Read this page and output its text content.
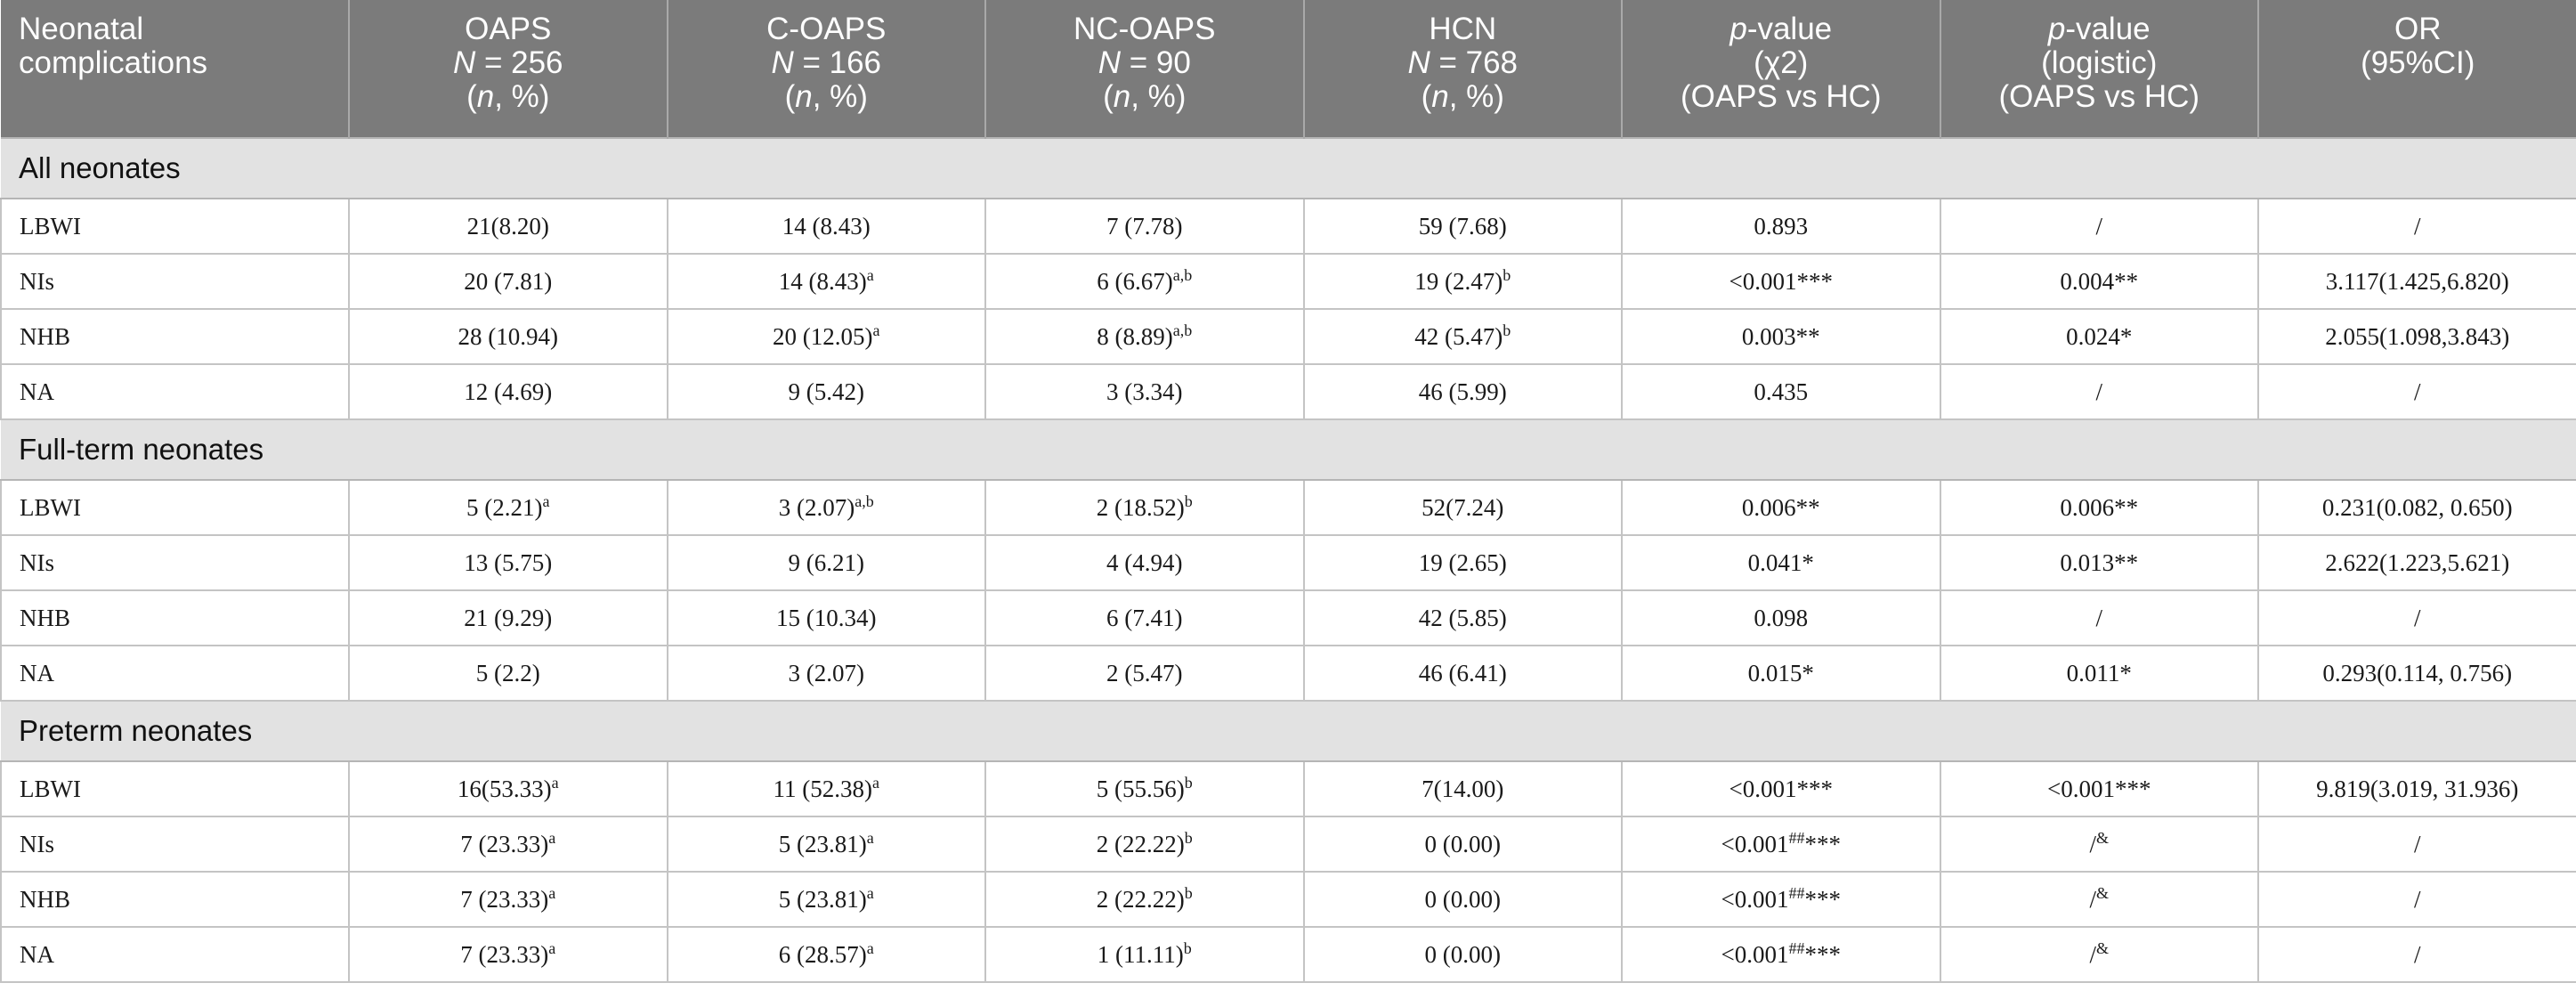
Neonatal
complications	OAPS
N = 256
(n, %)	C-OAPS
N = 166
(n, %)	NC-OAPS
N = 90
(n, %)	HCN
N = 768
(n, %)	p-value
(χ2)
(OAPS vs HC)	p-value
(logistic)
(OAPS vs HC)	OR
(95%CI)

All neonates							
LBWI	21(8.20)	14 (8.43)	7 (7.78)	59 (7.68)	0.893	/	/
NIs	20 (7.81)	14 $(8.43)^a$	6 $(6.67)^{a,b}$	19 $(2.47)^b$	<0.001***	0.004**	3.117(1.425,6.820)
NHB	28 (10.94)	20 $(12.05)^a$	8 $(8.89)^{a,b}$	42 $(5.47)^b$	0.003**	0.024*	2.055(1.098,3.843)
NA	12 (4.69)	9 (5.42)	3 (3.34)	46 (5.99)	0.435	/	/
Full-term neonates							
LBWI	5 $(2.21)^a$	3 $(2.07)^{a,b}$	2 $(18.52)^b$	52(7.24)	0.006**	0.006**	0.231(0.082, 0.650)
NIs	13 (5.75)	9 (6.21)	4 (4.94)	19 (2.65)	0.041*	0.013**	2.622(1.223,5.621)
NHB	21 (9.29)	15 (10.34)	6 (7.41)	42 (5.85)	0.098	/	/
NA	5 (2.2)	3 (2.07)	2 (5.47)	46 (6.41)	0.015*	0.011*	0.293(0.114, 0.756)
Preterm neonates							
LBWI	$16(53.33)^a$	11 $(52.38)^a$	5 $(55.56)^b$	7(14.00)	<0.001***	<0.001***	9.819(3.019, 31.936)
NIs	7 $(23.33)^a$	5 $(23.81)^a$	2 $(22.22)^b$	0 (0.00)	<0.001##***	/&	/
NHB	7 $(23.33)^a$	5 $(23.81)^a$	2 $(22.22)^b$	0 (0.00)	<0.001##***	/&	/
NA	7 $(23.33)^a$	6 $(28.57)^a$	1 $(11.11)^b$	0 (0.00)	<0.001##***	/&	/
